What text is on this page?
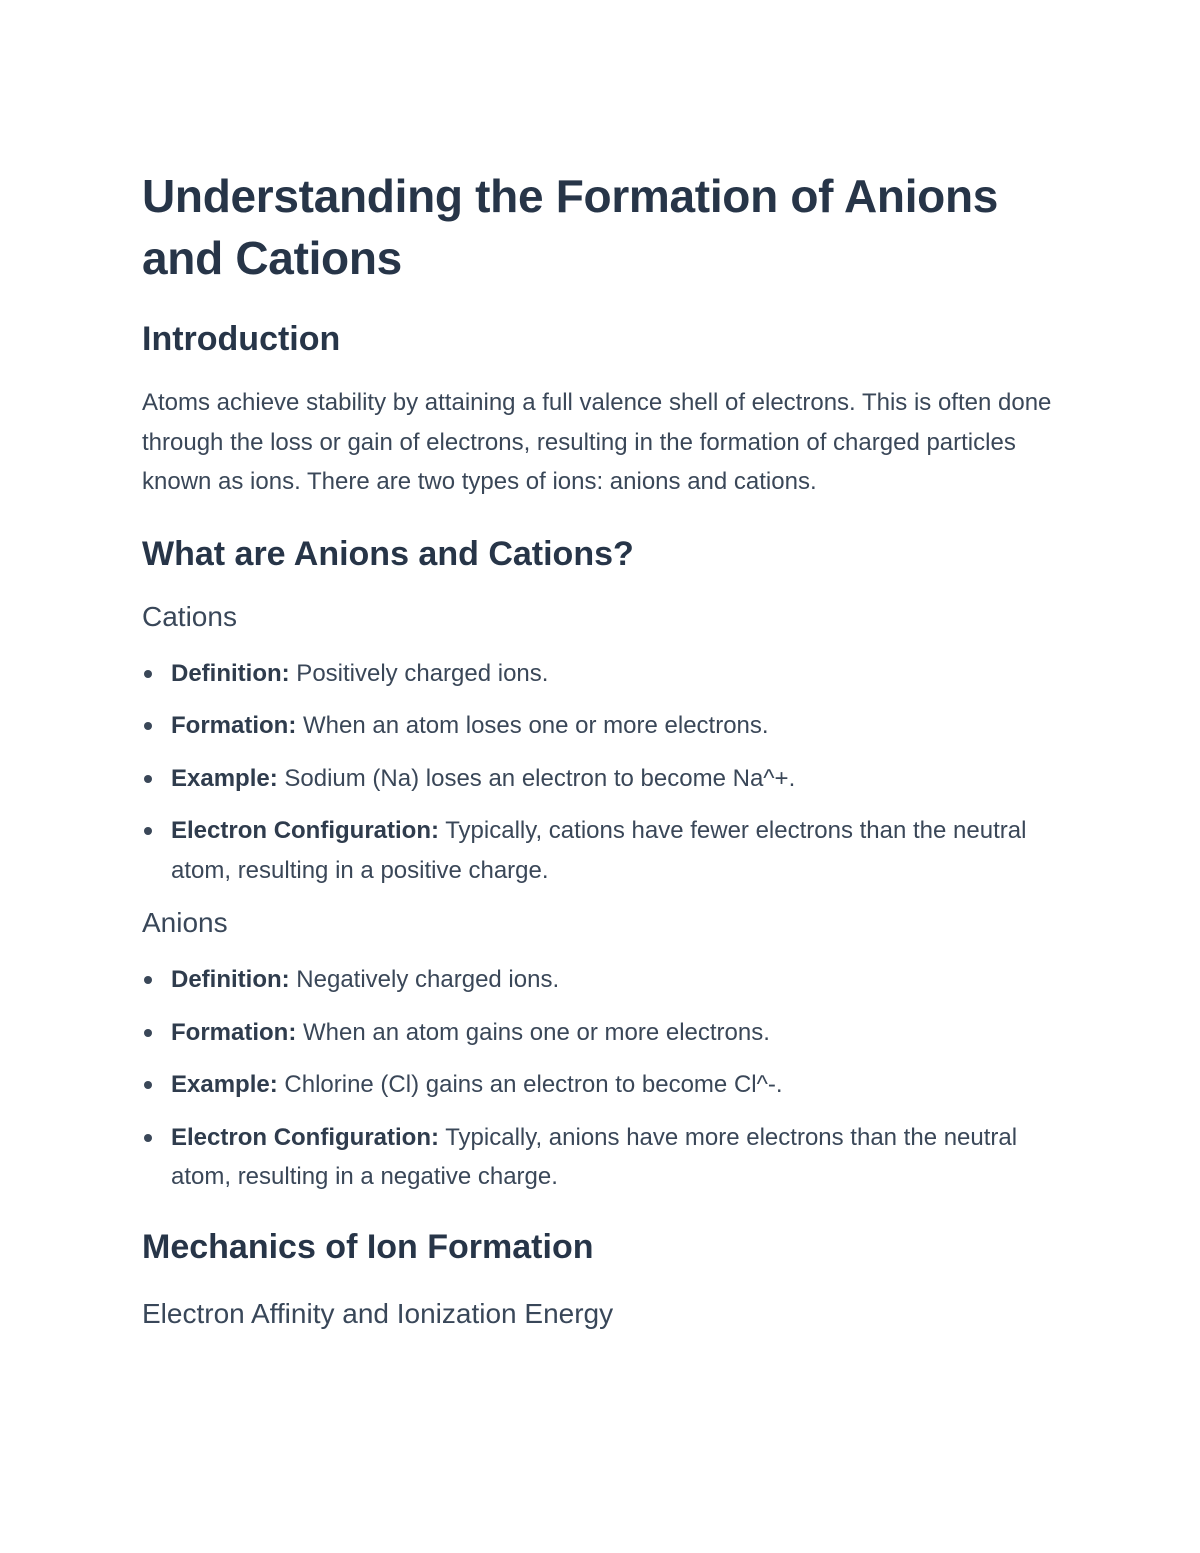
Understanding the Formation of Anions and Cations
Introduction

Atoms achieve stability by attaining a full valence shell of electrons. This is often done through the loss or gain of electrons, resulting in the formation of charged particles known as ions. There are two types of ions: anions and cations.

What are Anions and Cations?
Cations
Definition: Positively charged ions.
Formation: When an atom loses one or more electrons.
Example: Sodium (Na) loses an electron to become Na^+.
Electron Configuration: Typically, cations have fewer electrons than the neutral atom, resulting in a positive charge.
Anions
Definition: Negatively charged ions.
Formation: When an atom gains one or more electrons.
Example: Chlorine (Cl) gains an electron to become Cl^-.
Electron Configuration: Typically, anions have more electrons than the neutral atom, resulting in a negative charge.
Mechanics of Ion Formation
Electron Affinity and Ionization Energy
